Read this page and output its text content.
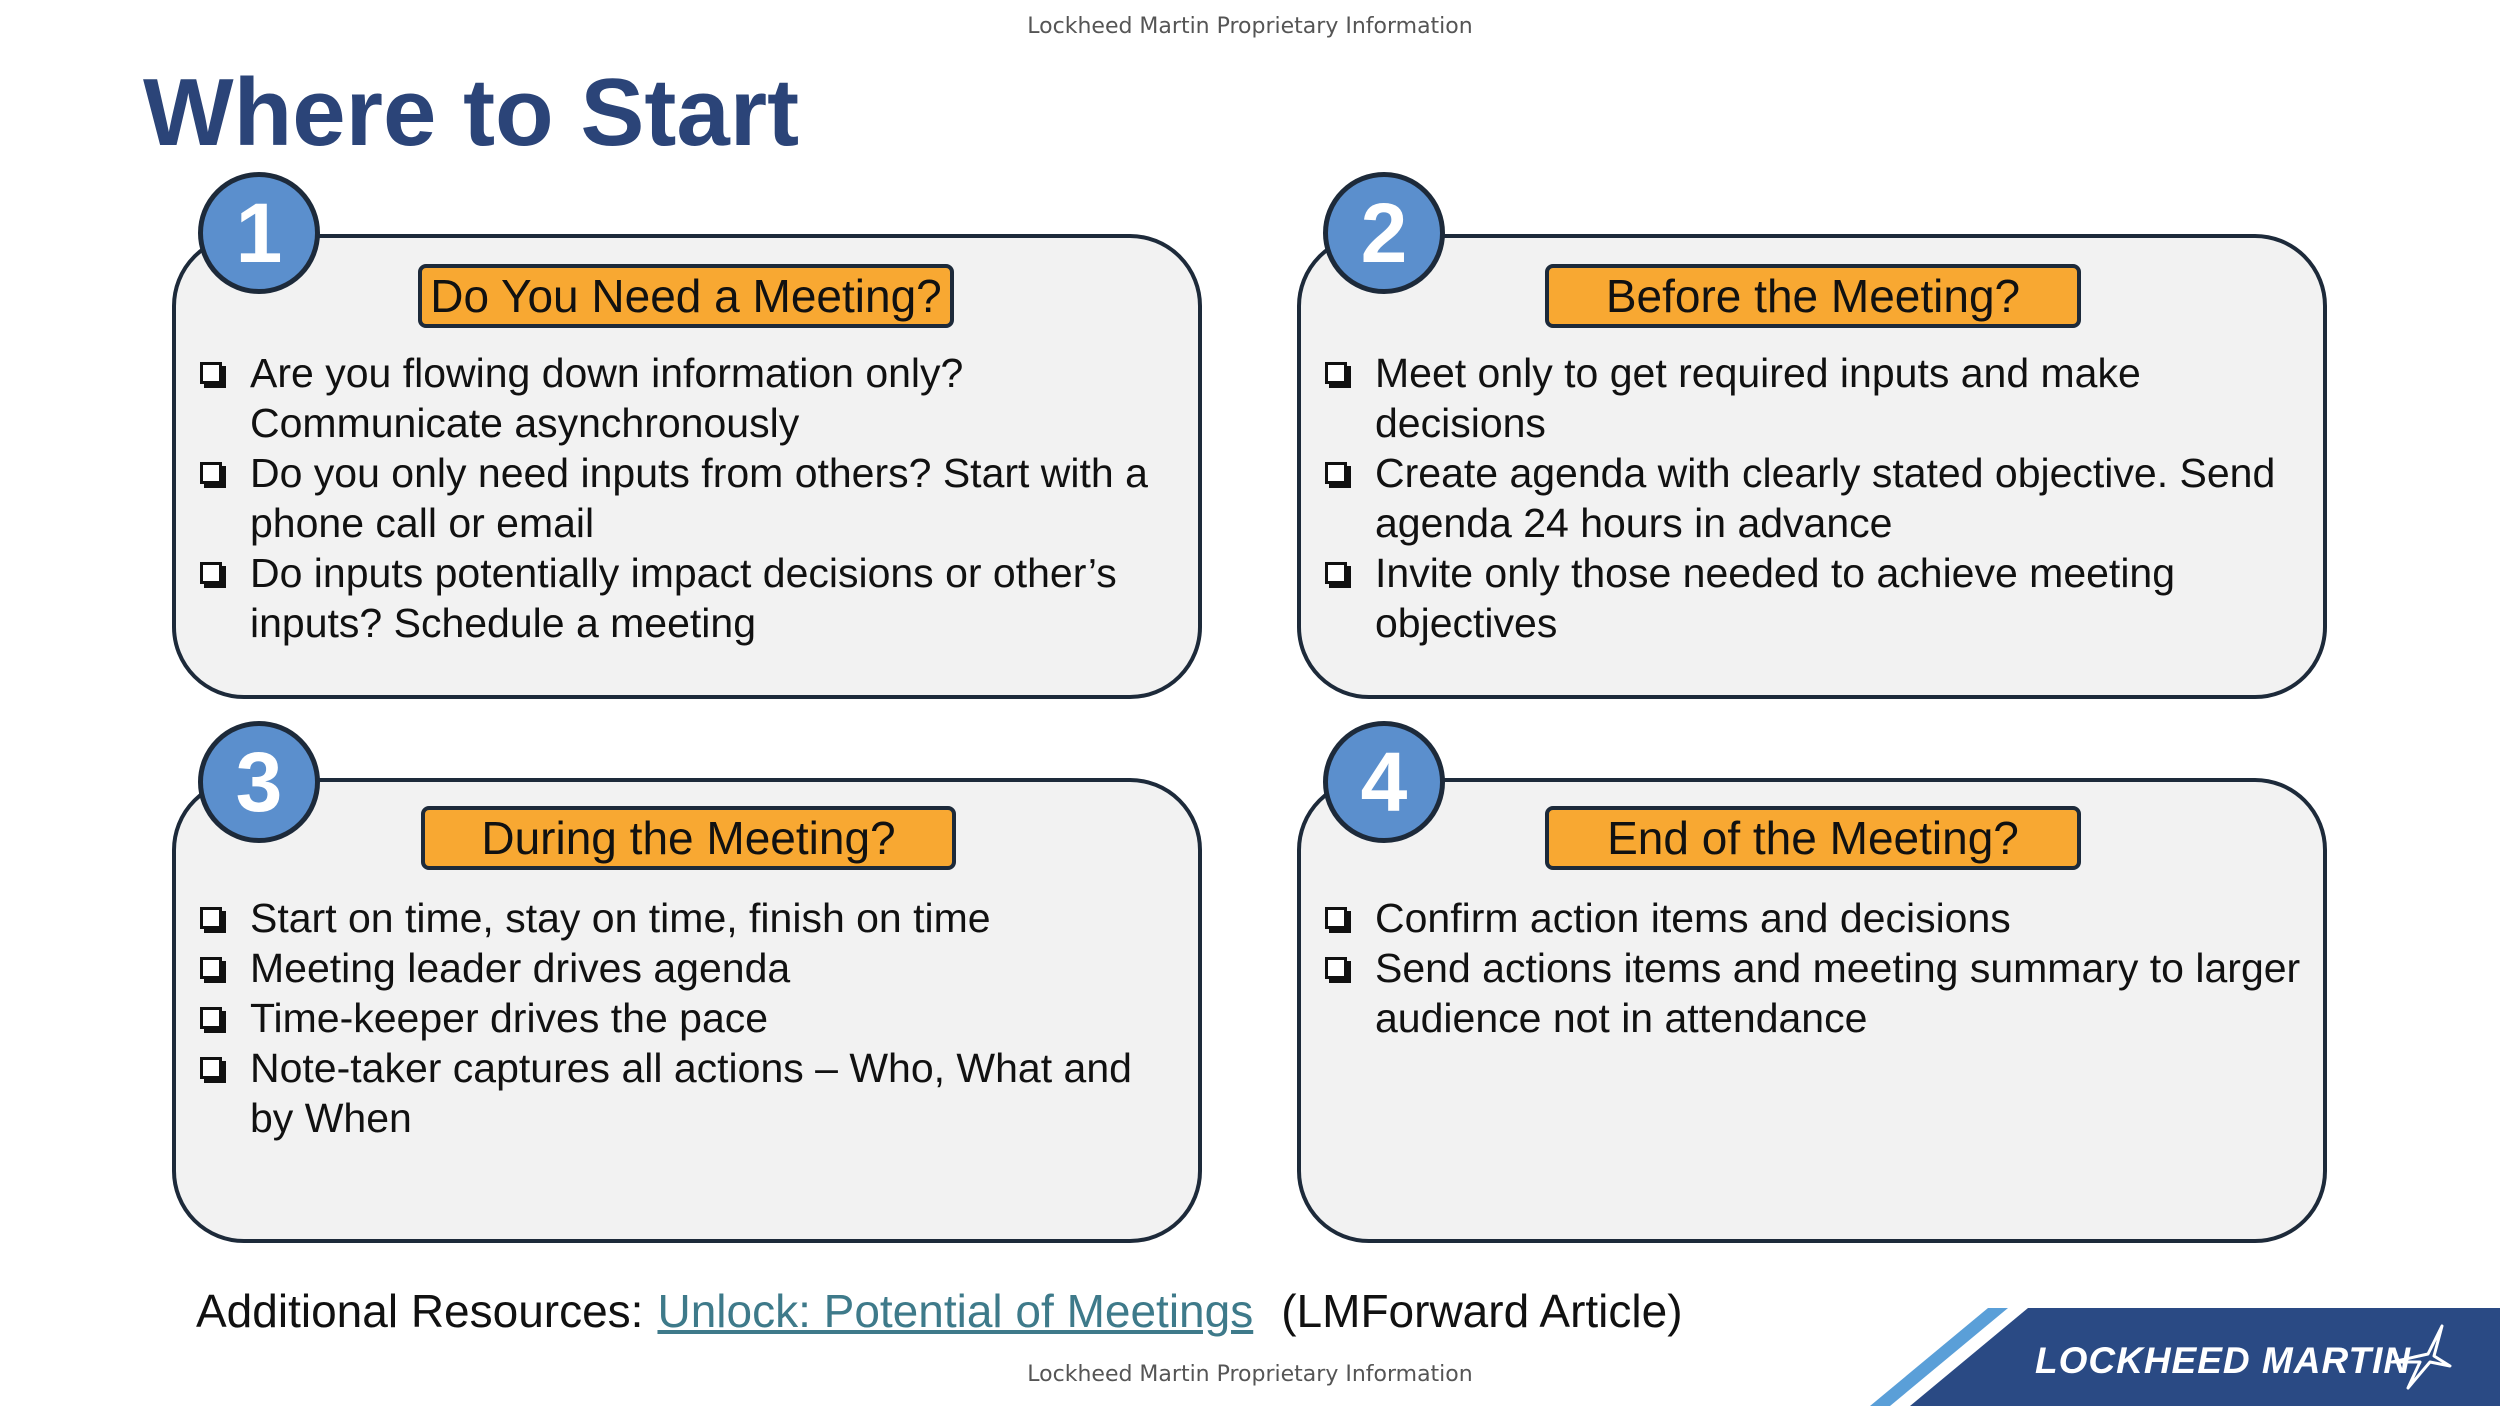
Lockheed Martin Proprietary Information
Where to Start
1
Do You Need a Meeting?
Are you flowing down information only? Communicate asynchronously
Do you only need inputs from others? Start with a phone call or email
Do inputs potentially impact decisions or other’s inputs? Schedule a meeting
2
Before the Meeting?
Meet only to get required inputs and make decisions
Create agenda with clearly stated objective. Send agenda 24 hours in advance
Invite only those needed to achieve meeting objectives
3
During the Meeting?
Start on time, stay on time, finish on time
Meeting leader drives agenda
Time-keeper drives the pace
Note-taker captures all actions – Who, What and by When
4
End of the Meeting?
Confirm action items and decisions
Send actions items and meeting summary to larger audience not in attendance
Additional Resources: Unlock: Potential of Meetings (LMForward Article)
LOCKHEED MARTIN
Lockheed Martin Proprietary Information
